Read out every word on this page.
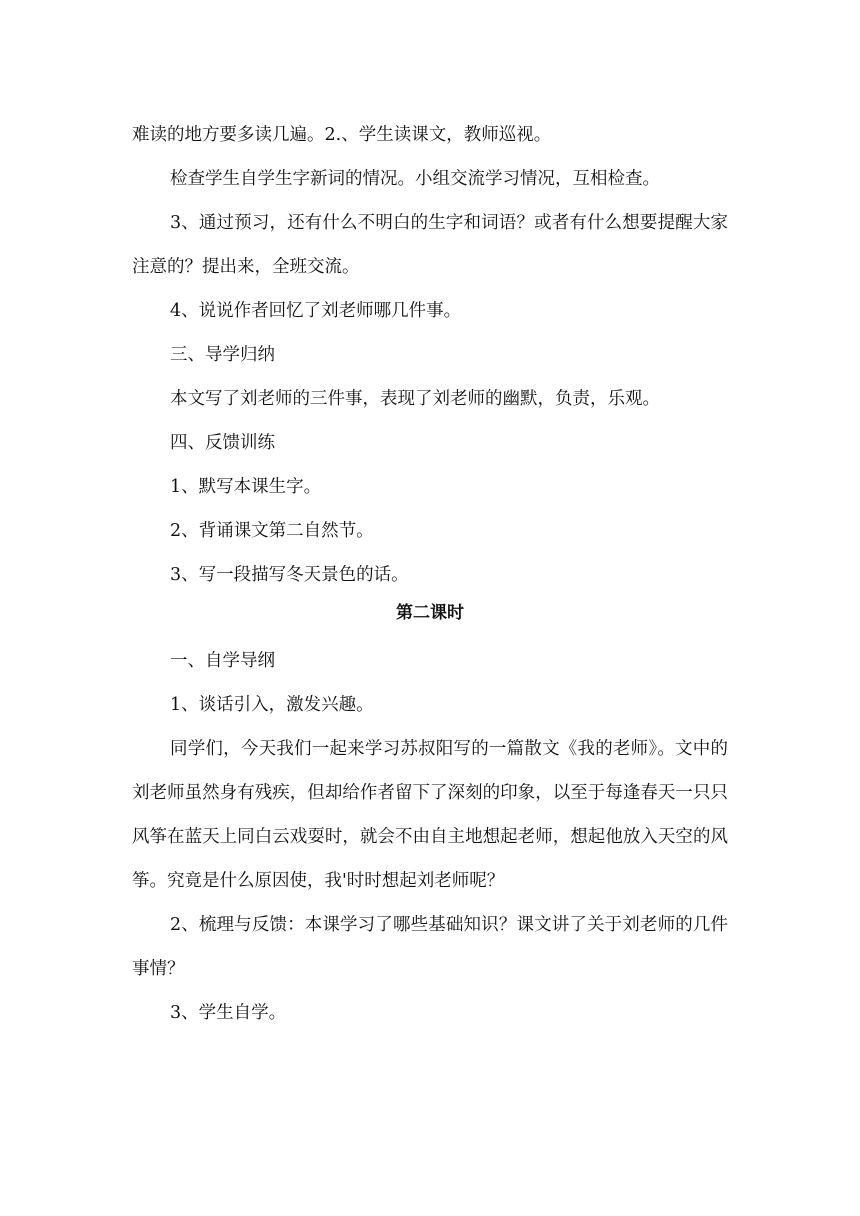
难读的地方要多读几遍。2.、学生读课文，教师巡视。

检查学生自学生字新词的情况。小组交流学习情况，互相检查。

3、通过预习，还有什么不明白的生字和词语？或者有什么想要提醒大家注意的？提出来，全班交流。

4、说说作者回忆了刘老师哪几件事。

三、导学归纳

本文写了刘老师的三件事，表现了刘老师的幽默，负责，乐观。

四、反馈训练

1、默写本课生字。

2、背诵课文第二自然节。

3、写一段描写冬天景色的话。

第二课时

一、自学导纲

1、谈话引入，激发兴趣。

同学们，今天我们一起来学习苏叔阳写的一篇散文《我的老师》。文中的刘老师虽然身有残疾，但却给作者留下了深刻的印象，以至于每逢春天一只只风筝在蓝天上同白云戏耍时，就会不由自主地想起老师，想起他放入天空的风筝。究竟是什么原因使，我'时时想起刘老师呢？

2、梳理与反馈：本课学习了哪些基础知识？课文讲了关于刘老师的几件事情？

3、学生自学。
